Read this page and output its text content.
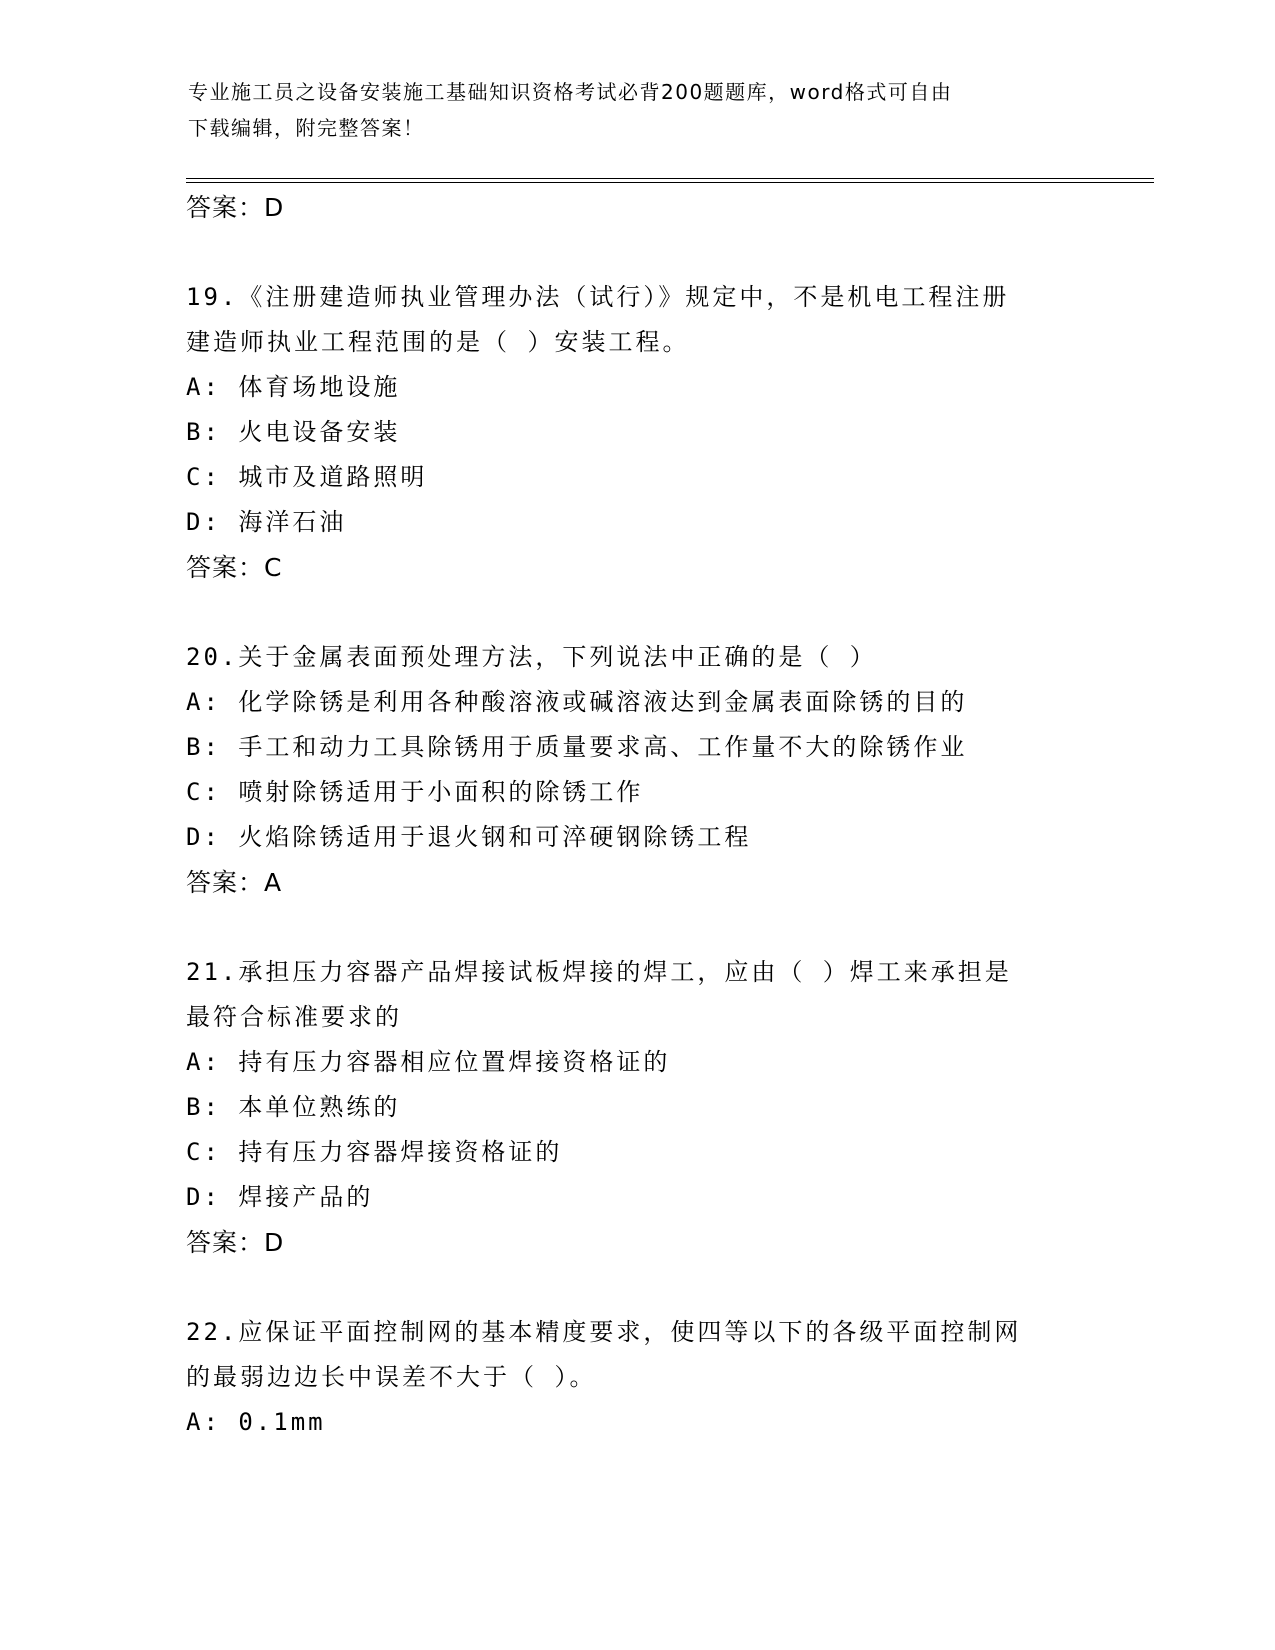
专业施工员之设备安装施工基础知识资格考试必背200题题库，word格式可自由
下载编辑，附完整答案！
答案：D
19.《注册建造师执业管理办法（试行）》规定中，不是机电工程注册
建造师执业工程范围的是（ ）安装工程。
A: 体育场地设施
B: 火电设备安装
C: 城市及道路照明
D: 海洋石油
答案：C
20.关于金属表面预处理方法，下列说法中正确的是（ ）
A: 化学除锈是利用各种酸溶液或碱溶液达到金属表面除锈的目的
B: 手工和动力工具除锈用于质量要求高、工作量不大的除锈作业
C: 喷射除锈适用于小面积的除锈工作
D: 火焰除锈适用于退火钢和可淬硬钢除锈工程
答案：A
21.承担压力容器产品焊接试板焊接的焊工，应由（ ）焊工来承担是
最符合标准要求的
A: 持有压力容器相应位置焊接资格证的
B: 本单位熟练的
C: 持有压力容器焊接资格证的
D: 焊接产品的
答案：D
22.应保证平面控制网的基本精度要求，使四等以下的各级平面控制网
的最弱边边长中误差不大于（ ）。
A: 0.1mm
